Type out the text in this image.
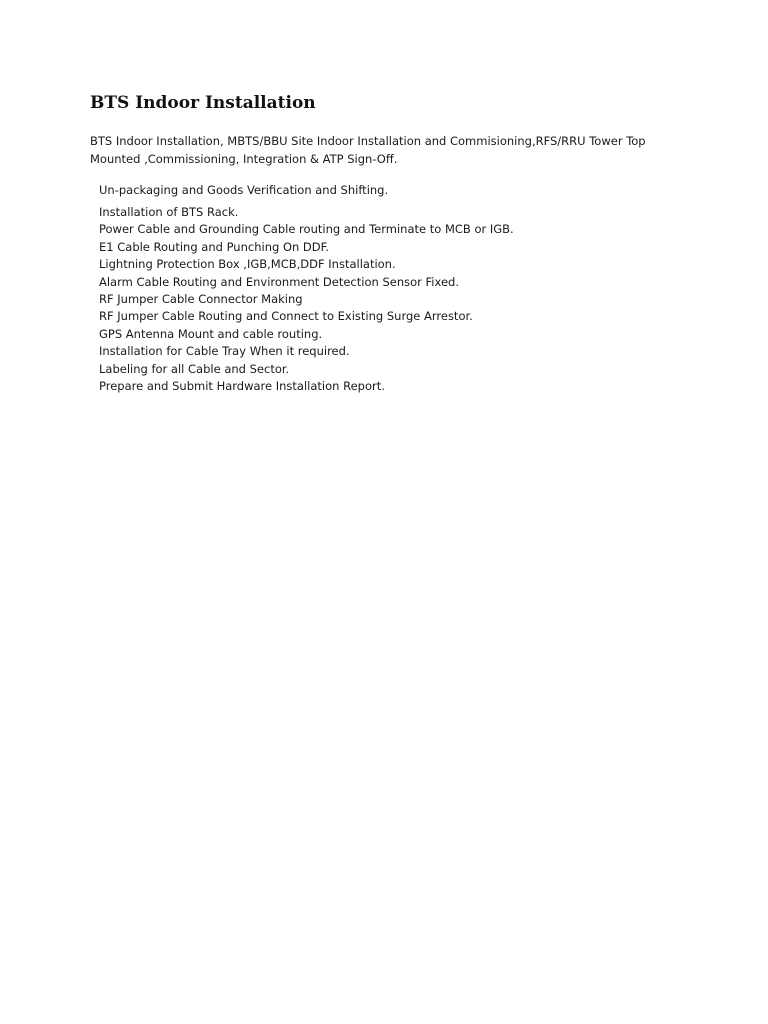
BTS Indoor Installation

BTS Indoor Installation, MBTS/BBU Site Indoor Installation and Commisioning,RFS/RRU Tower Top
Mounted ,Commissioning, Integration & ATP Sign-Off.

Un-packaging and Goods Verification and Shifting.

Installation of BTS Rack.
Power Cable and Grounding Cable routing and Terminate to MCB or IGB.
E1 Cable Routing and Punching On DDF.
Lightning Protection Box ,IGB,MCB,DDF Installation.
Alarm Cable Routing and Environment Detection Sensor Fixed.
RF Jumper Cable Connector Making
RF Jumper Cable Routing and Connect to Existing Surge Arrestor.
GPS Antenna Mount and cable routing.
Installation for Cable Tray When it required.
Labeling for all Cable and Sector.
Prepare and Submit Hardware Installation Report.
